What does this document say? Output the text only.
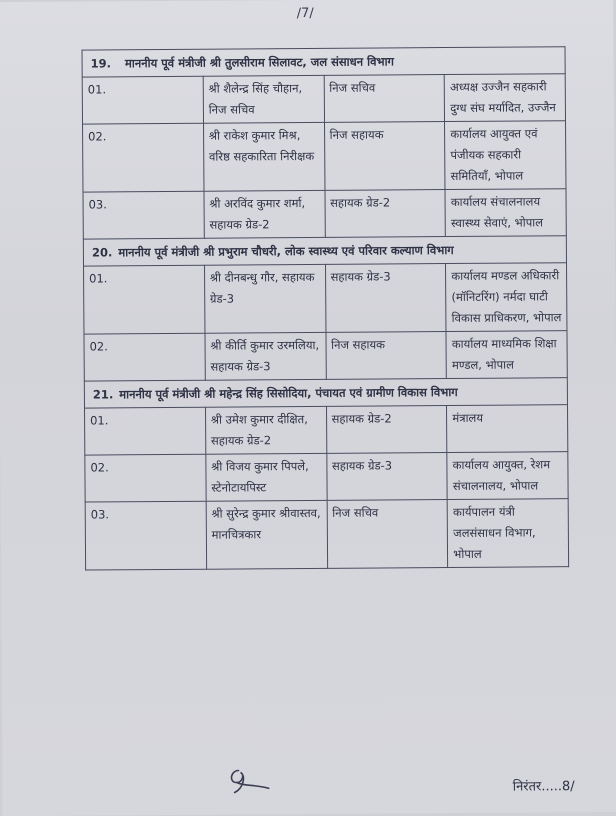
/7/
19. माननीय पूर्व मंत्रीजी श्री तुलसीराम सिलावट, जल संसाधन विभाग			
01.	श्री शैलेन्द्र सिंह चौहान, निज सचिव	निज सचिव	अध्यक्ष उज्जैन सहकारी दुग्ध संघ मर्यादित, उज्जैन
02.	श्री राकेश कुमार मिश्र, वरिष्ठ सहकारिता निरीक्षक	निज सहायक	कार्यालय आयुक्त एवं पंजीयक सहकारी समितियाँ, भोपाल
03.	श्री अरविंद कुमार शर्मा, सहायक ग्रेड-2	सहायक ग्रेड-2	कार्यालय संचालनालय स्वास्थ्य सेवाएं, भोपाल
20. माननीय पूर्व मंत्रीजी श्री प्रभुराम चौधरी, लोक स्वास्थ्य एवं परिवार कल्याण विभाग			
01.	श्री दीनबन्धु गौर, सहायक ग्रेड-3	सहायक ग्रेड-3	कार्यालय मण्डल अधिकारी (मॉनिटरिंग) नर्मदा घाटी विकास प्राधिकरण, भोपाल
02.	श्री कीर्ति कुमार उरमलिया, सहायक ग्रेड-3	निज सहायक	कार्यालय माध्यमिक शिक्षा मण्डल, भोपाल
21. माननीय पूर्व मंत्रीजी श्री महेन्द्र सिंह सिसोदिया, पंचायत एवं ग्रामीण विकास विभाग			
01.	श्री उमेश कुमार दीक्षित, सहायक ग्रेड-2	सहायक ग्रेड-2	मंत्रालय
02.	श्री विजय कुमार पिपले, स्टेनोटायपिस्ट	सहायक ग्रेड-3	कार्यालय आयुक्त, रेशम संचालनालय, भोपाल
03.	श्री सुरेन्द्र कुमार श्रीवास्तव, मानचित्रकार	निज सचिव	कार्यपालन यंत्री जलसंसाधन विभाग, भोपाल
निरंतर.....8/
